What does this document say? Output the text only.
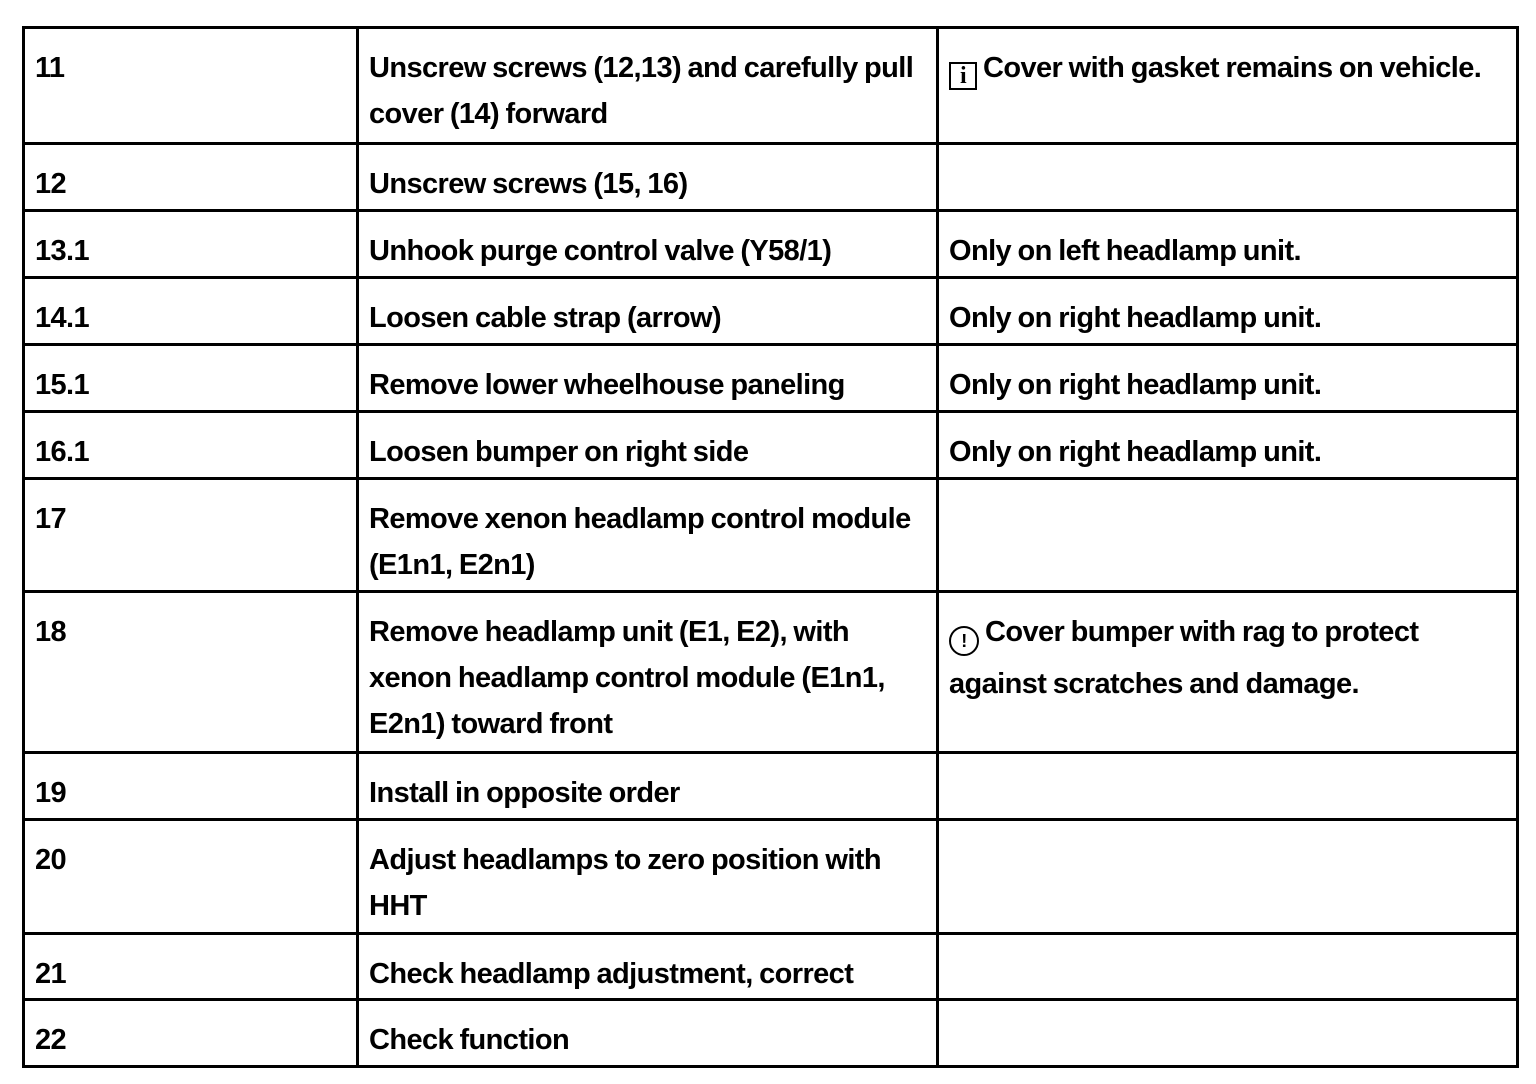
11	Unscrew screws (12,13) and carefully pull cover (14) forward	i Cover with gasket remains on vehicle.
12	Unscrew screws (15, 16)	
13.1	Unhook purge control valve (Y58/1)	Only on left headlamp unit.
14.1	Loosen cable strap (arrow)	Only on right headlamp unit.
15.1	Remove lower wheelhouse paneling	Only on right headlamp unit.
16.1	Loosen bumper on right side	Only on right headlamp unit.
17	Remove xenon headlamp control module (E1n1, E2n1)	
18	Remove headlamp unit (E1, E2), with xenon headlamp control module (E1n1, E2n1) toward front	! Cover bumper with rag to protect against scratches and damage.
19	Install in opposite order	
20	Adjust headlamps to zero position with HHT	
21	Check headlamp adjustment, correct	
22	Check function	
